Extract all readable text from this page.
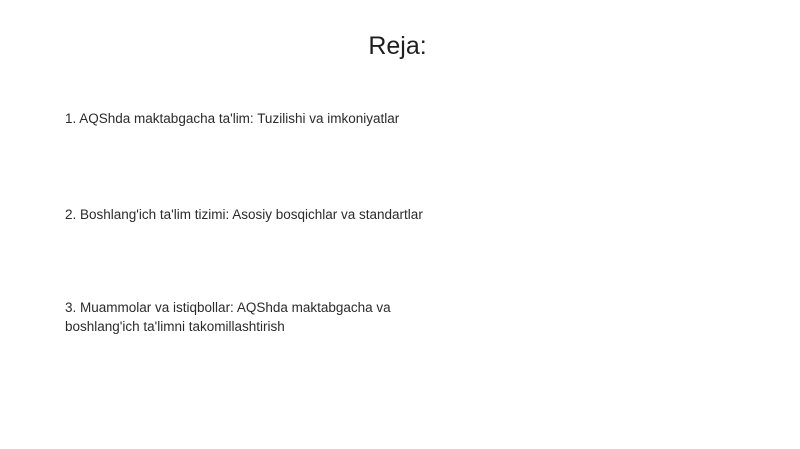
Reja:
1. AQShda maktabgacha ta'lim: Tuzilishi va imkoniyatlar
2. Boshlang'ich ta'lim tizimi: Asosiy bosqichlar va standartlar
3. Muammolar va istiqbollar: AQShda maktabgacha va boshlang'ich ta'limni takomillashtirish
